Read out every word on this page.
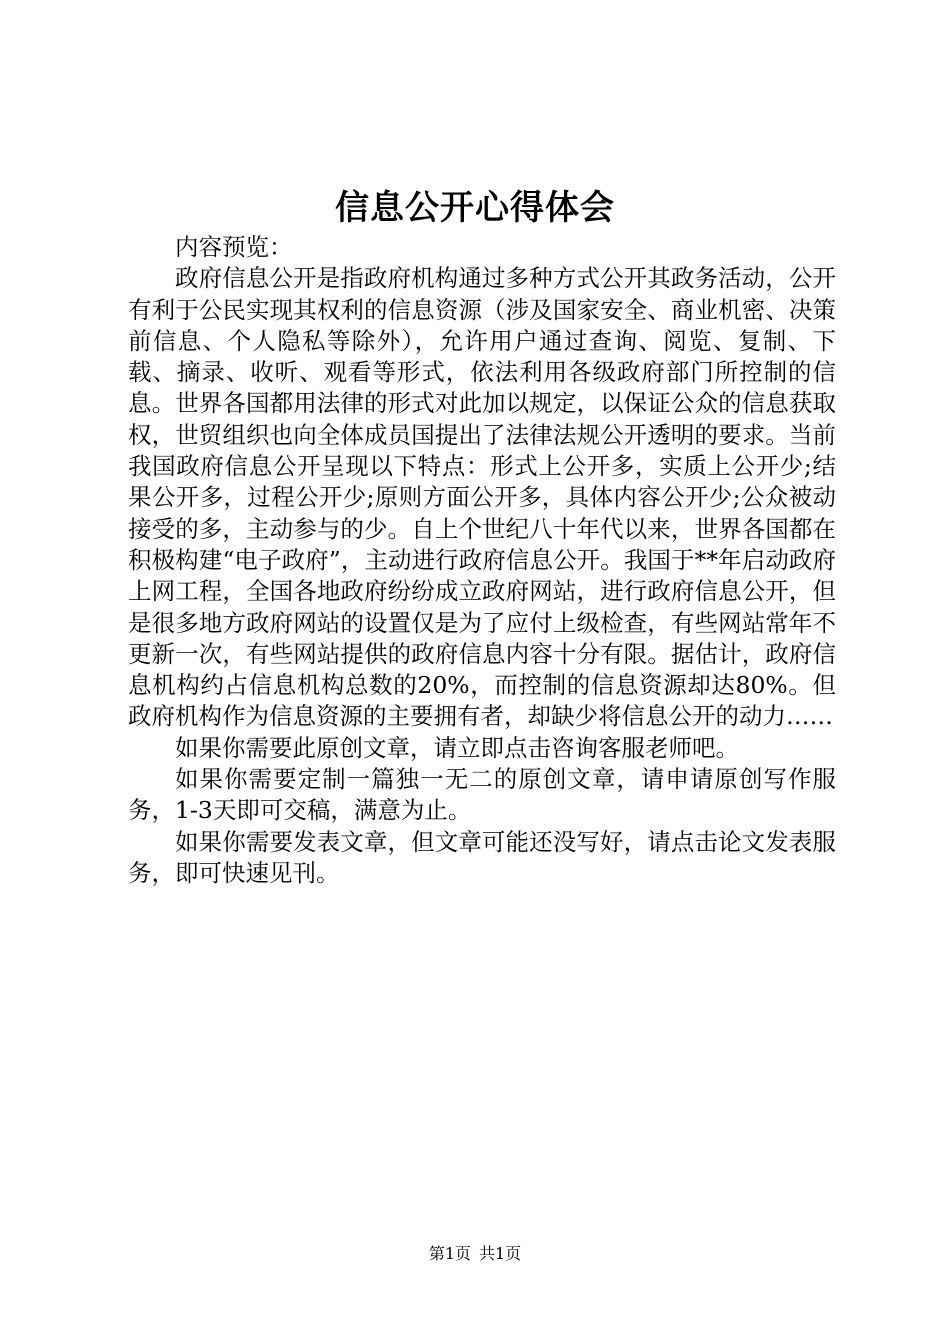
信息公开心得体会

内容预览：

政府信息公开是指政府机构通过多种方式公开其政务活动，公开有利于公民实现其权利的信息资源（涉及国家安全、商业机密、决策前信息、个人隐私等除外），允许用户通过查询、阅览、复制、下载、摘录、收听、观看等形式，依法利用各级政府部门所控制的信息。世界各国都用法律的形式对此加以规定，以保证公众的信息获取权，世贸组织也向全体成员国提出了法律法规公开透明的要求。当前我国政府信息公开呈现以下特点：形式上公开多，实质上公开少;结果公开多，过程公开少;原则方面公开多，具体内容公开少;公众被动接受的多，主动参与的少。自上个世纪八十年代以来，世界各国都在积极构建“电子政府”，主动进行政府信息公开。我国于**年启动政府上网工程，全国各地政府纷纷成立政府网站，进行政府信息公开，但是很多地方政府网站的设置仅是为了应付上级检查，有些网站常年不更新一次，有些网站提供的政府信息内容十分有限。据估计，政府信息机构约占信息机构总数的20%，而控制的信息资源却达80%。但政府机构作为信息资源的主要拥有者，却缺少将信息公开的动力……

如果你需要此原创文章，请立即点击咨询客服老师吧。

如果你需要定制一篇独一无二的原创文章，请申请原创写作服务，1-3天即可交稿，满意为止。

如果你需要发表文章，但文章可能还没写好，请点击论文发表服务，即可快速见刊。

第1页 共1页
